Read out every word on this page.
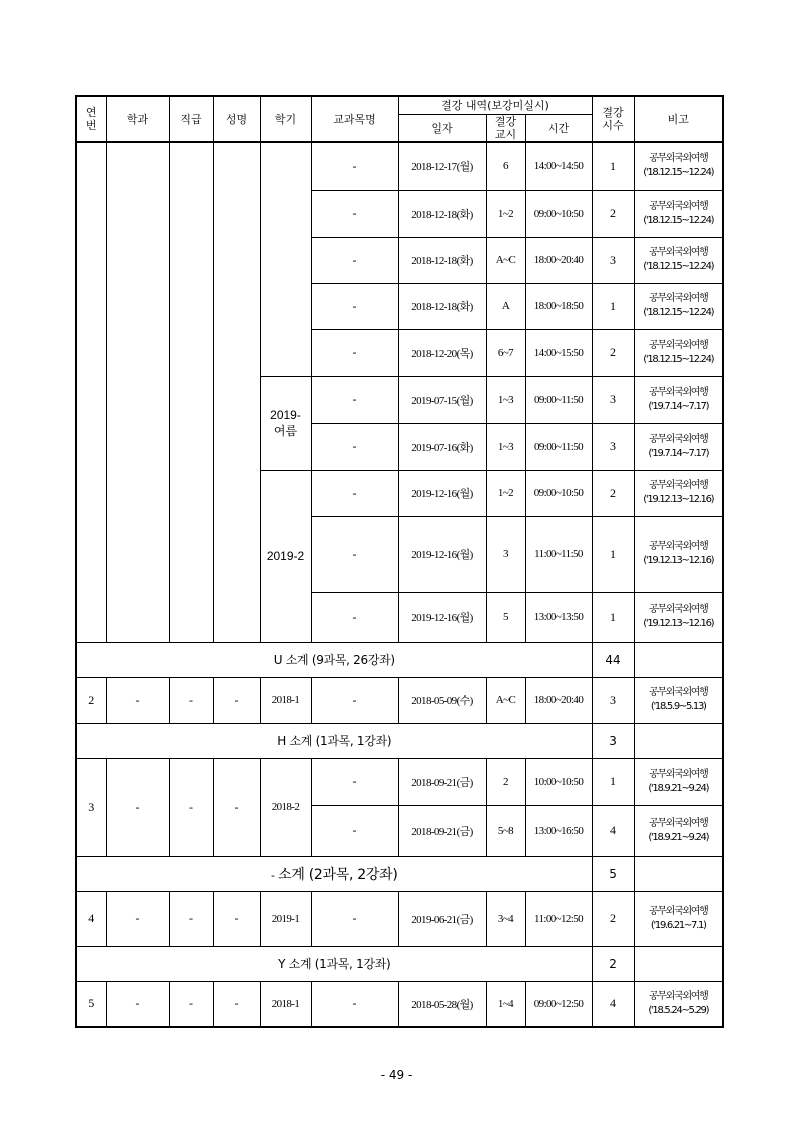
연
번	학과	직급	성명	학기	교과목명	결강 내역(보강미실시)			결강
시수	비고
						일자	결강
교시	시간		
					-	2018-12-17(월)	6	14:00~14:50	1	공무외국외여행
('18.12.15~12.24)

					-	2018-12-18(화)	1~2	09:00~10:50	2	공무외국외여행
('18.12.15~12.24)

					-	2018-12-18(화)	A~C	18:00~20:40	3	공무외국외여행
('18.12.15~12.24)

					-	2018-12-18(화)	A	18:00~18:50	1	공무외국외여행
('18.12.15~12.24)

					-	2018-12-20(목)	6~7	14:00~15:50	2	공무외국외여행
('18.12.15~12.24)

				2019-
여름	-	2019-07-15(월)	1~3	09:00~11:50	3	공무외국외여행
('19.7.14~7.17)

					-	2019-07-16(화)	1~3	09:00~11:50	3	공무외국외여행
('19.7.14~7.17)

				2019-2	-	2019-12-16(월)	1~2	09:00~10:50	2	공무외국외여행
('19.12.13~12.16)

					-	2019-12-16(월)	3	11:00~11:50	1	공무외국외여행
('19.12.13~12.16)

					-	2019-12-16(월)	5	13:00~13:50	1	공무외국외여행
('19.12.13~12.16)

U 소계 (9과목, 26강좌)									44	
2	-	-	-	2018-1	-	2018-05-09(수)	A~C	18:00~20:40	3	공무외국외여행
('18.5.9~5.13)

H 소계 (1과목, 1강좌)									3	
3	-	-	-	2018-2	-	2018-09-21(금)	2	10:00~10:50	1	공무외국외여행
('18.9.21~9.24)

					-	2018-09-21(금)	5~8	13:00~16:50	4	공무외국외여행
('18.9.21~9.24)

- 소계 (2과목, 2강좌)									5	
4	-	-	-	2019-1	-	2019-06-21(금)	3~4	11:00~12:50	2	공무외국외여행
('19.6.21~7.1)

Y 소계 (1과목, 1강좌)									2	
5	-	-	-	2018-1	-	2018-05-28(월)	1~4	09:00~12:50	4	공무외국외여행
('18.5.24~5.29)
- 49 -
